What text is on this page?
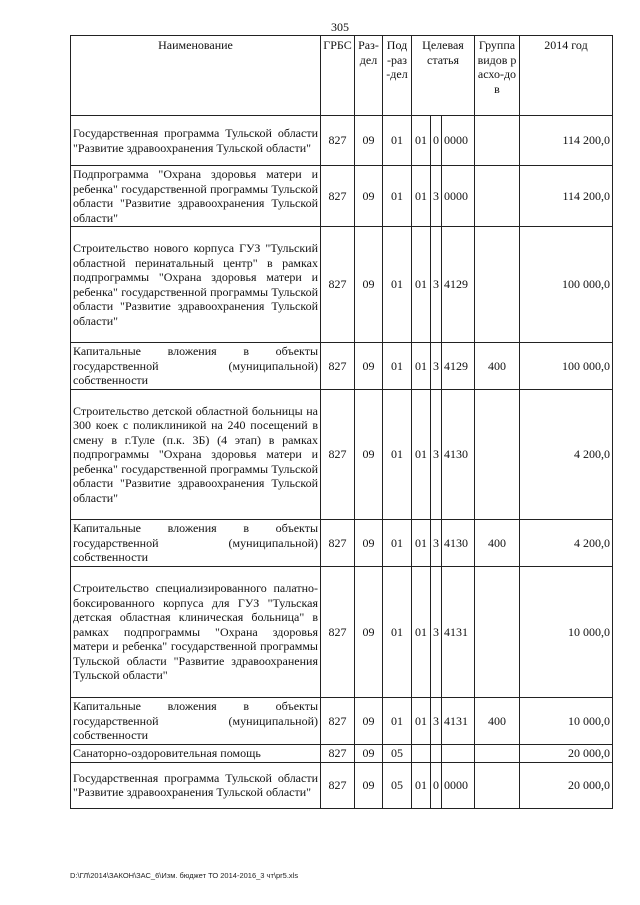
305
Наименование	ГРБС	Раз-дел	Под-раз-дел	Целевая статья			Группа видов расхо-дов	2014 год
Государственная программа Тульской области "Развитие здравоохранения Тульской области"	827	09	01	01	0	0000		114 200,0
Подпрограмма "Охрана здоровья матери и ребенка" государственной программы Тульской области "Развитие здравоохранения Тульской области"	827	09	01	01	3	0000		114 200,0
Строительство нового корпуса ГУЗ "Тульский областной перинатальный центр" в рамках подпрограммы "Охрана здоровья матери и ребенка" государственной программы Тульской области "Развитие здравоохранения Тульской области"	827	09	01	01	3	4129		100 000,0
Капитальные вложения в объекты государственной (муниципальной) собственности	827	09	01	01	3	4129	400	100 000,0
Строительство детской областной больницы на 300 коек с поликлиникой на 240 посещений в смену в г.Туле (п.к. 3Б) (4 этап) в рамках подпрограммы "Охрана здоровья матери и ребенка" государственной программы Тульской области "Развитие здравоохранения Тульской области"	827	09	01	01	3	4130		4 200,0
Капитальные вложения в объекты государственной (муниципальной) собственности	827	09	01	01	3	4130	400	4 200,0
Строительство специализированного палатно-боксированного корпуса для ГУЗ "Тульская детская областная клиническая больница" в рамках подпрограммы "Охрана здоровья матери и ребенка" государственной программы Тульской области "Развитие здравоохранения Тульской области"	827	09	01	01	3	4131		10 000,0
Капитальные вложения в объекты государственной (муниципальной) собственности	827	09	01	01	3	4131	400	10 000,0
Санаторно-оздоровительная помощь	827	09	05					20 000,0
Государственная программа Тульской области "Развитие здравоохранения Тульской области"	827	09	05	01	0	0000		20 000,0
D:\ГЛ\2014\ЗАКОН\ЗАС_6\Изм. бюджет ТО 2014-2016_3 чт\pr5.xls
